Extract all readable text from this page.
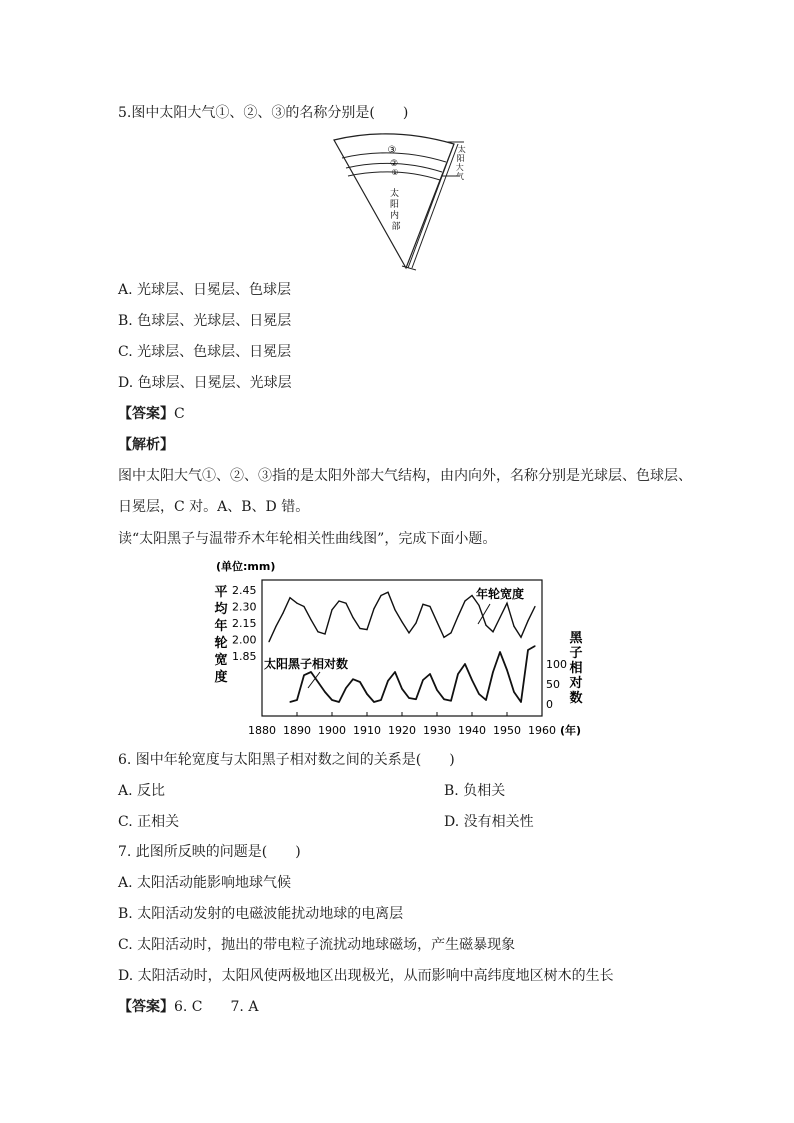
5.图中太阳大气①、②、③的名称分别是(　　)
③
②
①
太 阳 内 部
太 阳 大 气
A. 光球层、日冕层、色球层
B. 色球层、光球层、日冕层
C. 光球层、色球层、日冕层
D. 色球层、日冕层、光球层
【答案】C
【解析】
图中太阳大气①、②、③指的是太阳外部大气结构，由内向外，名称分别是光球层、色球层、
日冕层，C 对。A、B、D 错。
读“太阳黑子与温带乔木年轮相关性曲线图”，完成下面小题。
(单位:mm)
平
均
年
轮
宽
度
黑
子
相
对
数
2.45
2.30
2.15
2.00
1.85
100
50
0
1880 1890 1900 1910 1920 1930 1940 1950 1960 (年)
年轮宽度
太阳黑子相对数
6. 图中年轮宽度与太阳黑子相对数之间的关系是(　　)
A. 反比	B. 负相关
C. 正相关	D. 没有相关性
7. 此图所反映的问题是(　　)
A. 太阳活动能影响地球气候
B. 太阳活动发射的电磁波能扰动地球的电离层
C. 太阳活动时，抛出的带电粒子流扰动地球磁场，产生磁暴现象
D. 太阳活动时，太阳风使两极地区出现极光，从而影响中高纬度地区树木的生长
【答案】6. C　　7. A
